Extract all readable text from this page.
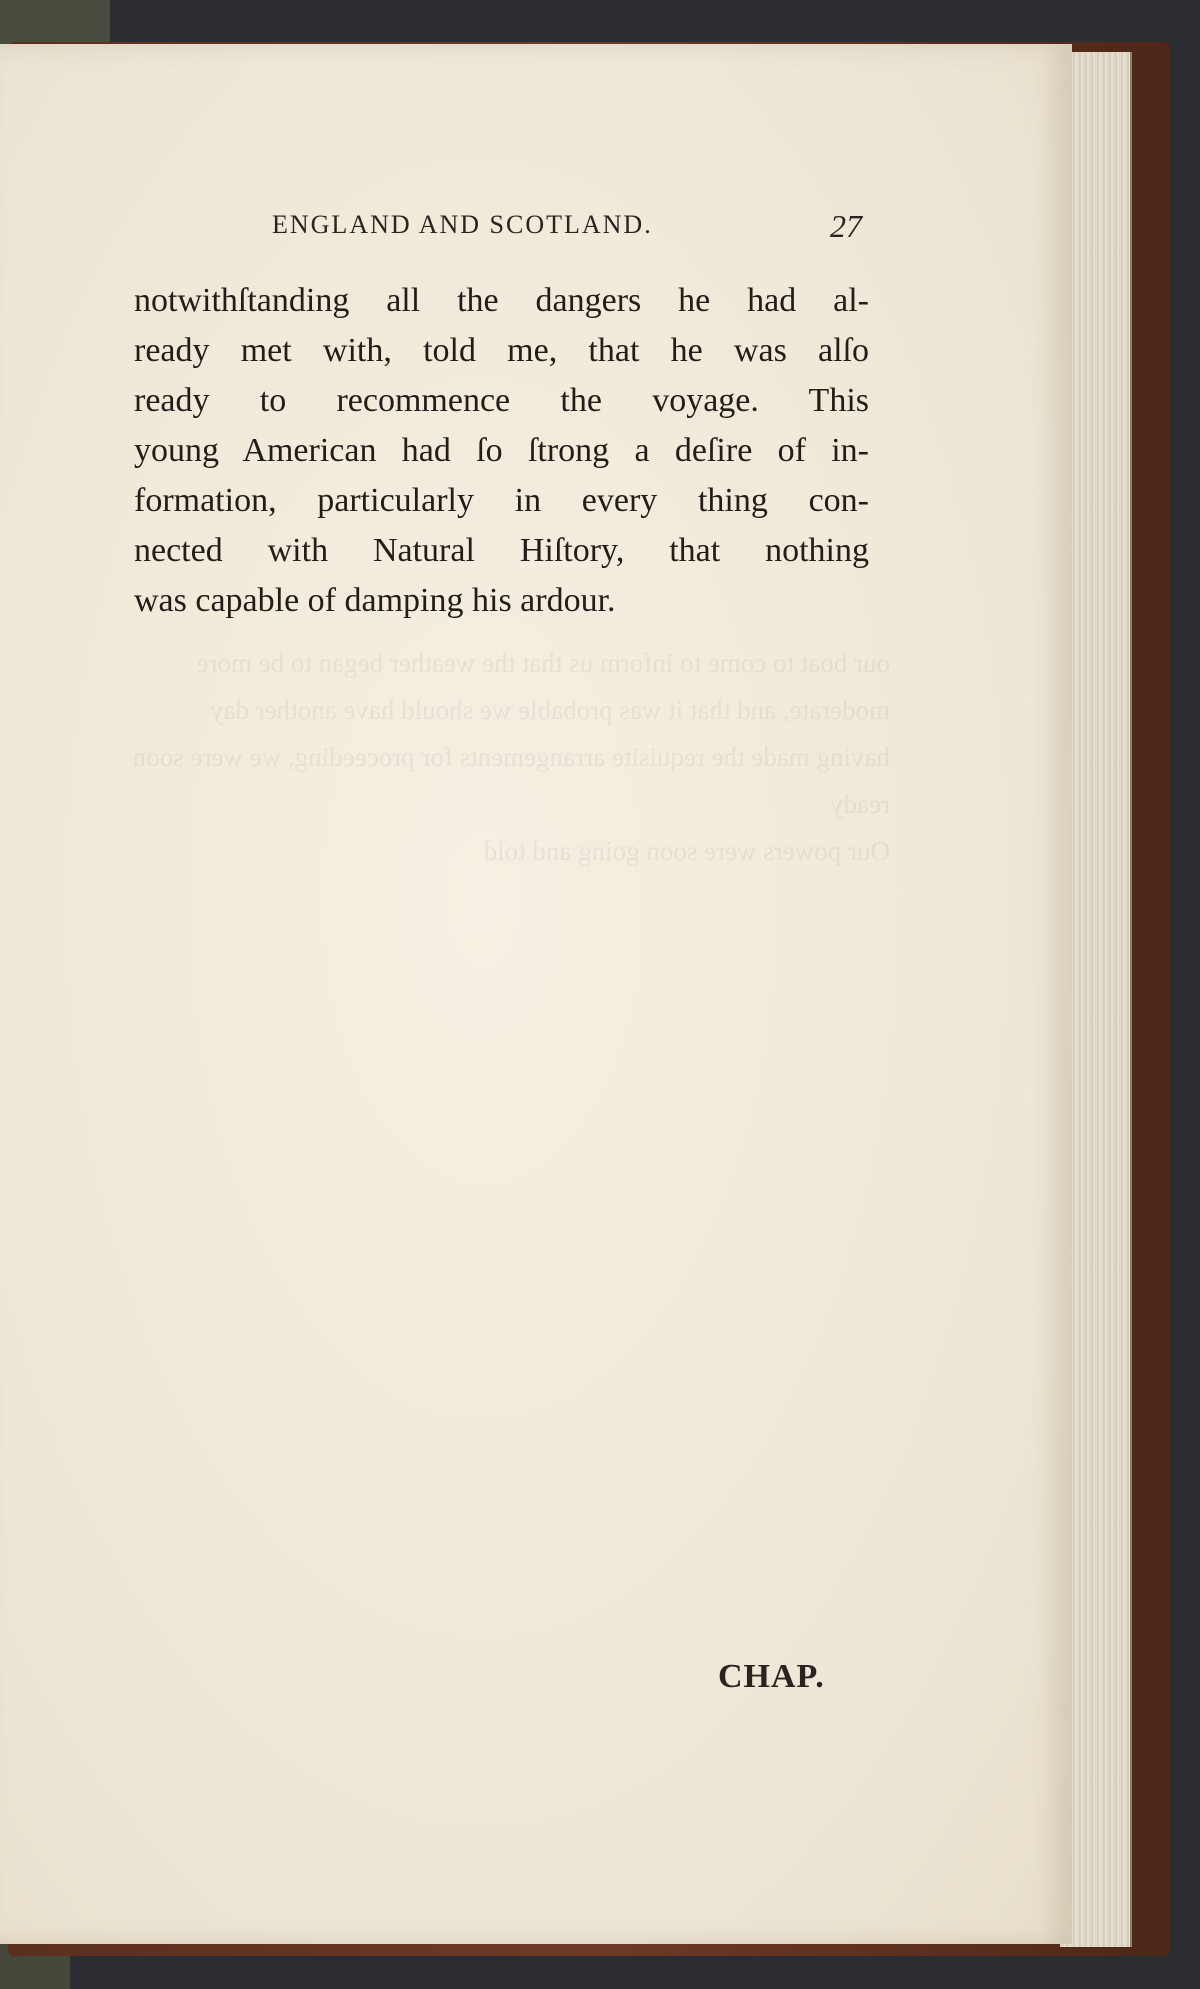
our boat to come to inform us that the weather began to be more moderate, and that it was probable we should have another day
having made the requisite arrangements for proceeding, we were soon ready
Our powers were soon going and told

ENGLAND AND SCOTLAND.	27
notwithſtanding all the dangers he had al-
ready met with, told me, that he was alſo
ready to recommence the voyage. This
young American had ſo ſtrong a deſire of in-
formation, particularly in every thing con-
nected with Natural Hiſtory, that nothing
was capable of damping his ardour.
CHAP.
